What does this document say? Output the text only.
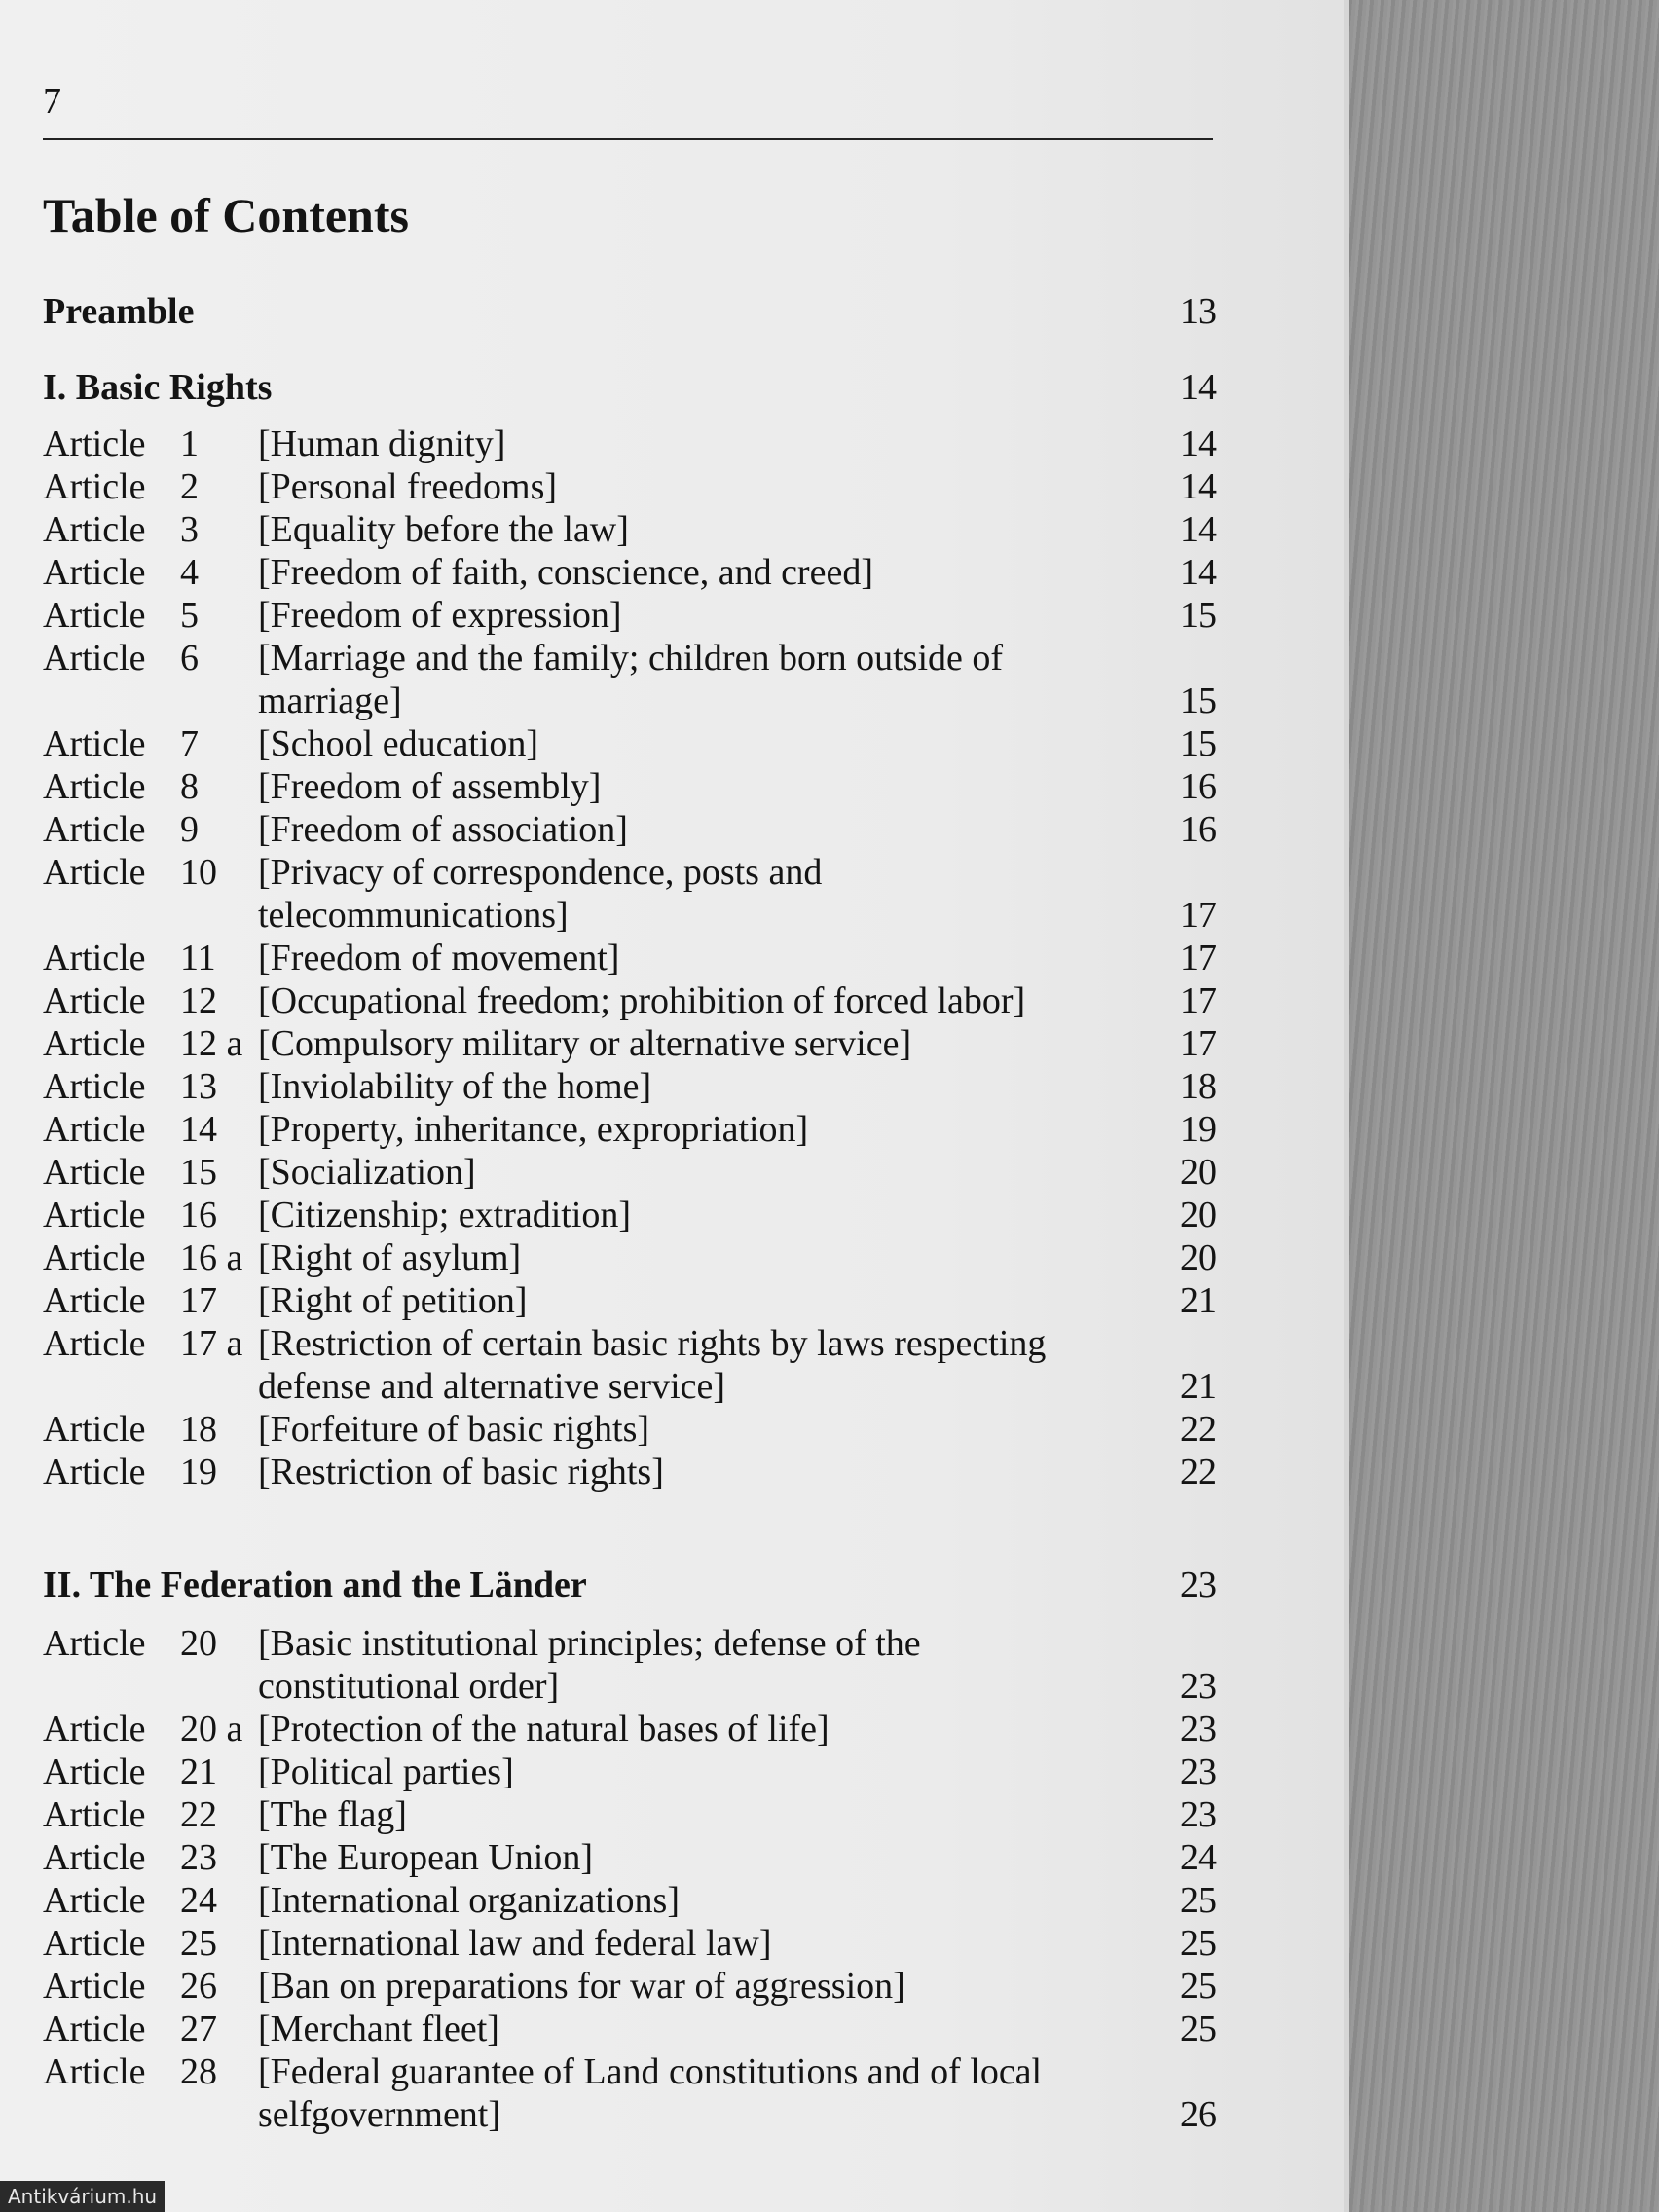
7
Table of Contents
Preamble	13
I. Basic Rights	14
Article 1 [Human dignity]	14
Article 2 [Personal freedoms]	14
Article 3 [Equality before the law]	14
Article 4 [Freedom of faith, conscience, and creed]	14
Article 5 [Freedom of expression]	15
Article 6 [Marriage and the family; children born outside of marriage]	15
Article 7 [School education]	15
Article 8 [Freedom of assembly]	16
Article 9 [Freedom of association]	16
Article 10 [Privacy of correspondence, posts and telecommunications]	17
Article 11 [Freedom of movement]	17
Article 12 [Occupational freedom; prohibition of forced labor]	17
Article 12 a [Compulsory military or alternative service]	17
Article 13 [Inviolability of the home]	18
Article 14 [Property, inheritance, expropriation]	19
Article 15 [Socialization]	20
Article 16 [Citizenship; extradition]	20
Article 16 a [Right of asylum]	20
Article 17 [Right of petition]	21
Article 17 a [Restriction of certain basic rights by laws respecting defense and alternative service]	21
Article 18 [Forfeiture of basic rights]	22
Article 19 [Restriction of basic rights]	22
II. The Federation and the Länder	23
Article 20 [Basic institutional principles; defense of the constitutional order]	23
Article 20 a [Protection of the natural bases of life]	23
Article 21 [Political parties]	23
Article 22 [The flag]	23
Article 23 [The European Union]	24
Article 24 [International organizations]	25
Article 25 [International law and federal law]	25
Article 26 [Ban on preparations for war of aggression]	25
Article 27 [Merchant fleet]	25
Article 28 [Federal guarantee of Land constitutions and of local selfgovernment]	26
Antikvárium.hu
